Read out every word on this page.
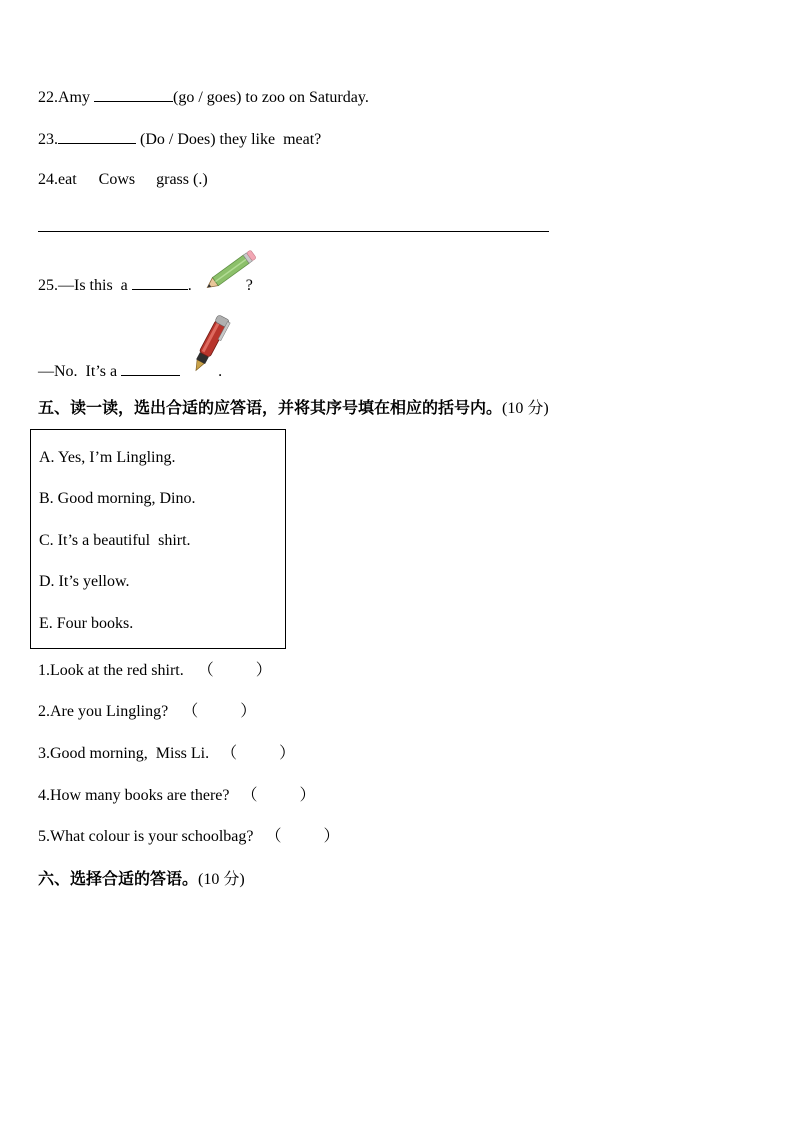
22.Amy	(go / goes) to zoo on Saturday.
23.	(Do / Does) they like  meat?
24.eat Cows grass (.)
25.—Is this  a	.	?
—No.  It’s a	.
五、读一读，选出合适的应答语，并将其序号填在相应的括号内。(10 分)
A. Yes, I’m Lingling.
B. Good morning, Dino.
C. It’s a beautiful  shirt.
D. It’s yellow.
E. Four books.
1.Look at the red shirt. （	）
2.Are you Lingling? （	）
3.Good morning,  Miss Li. （	）
4.How many books are there? （	）
5.What colour is your schoolbag? （	）
六、选择合适的答语。(10 分)
